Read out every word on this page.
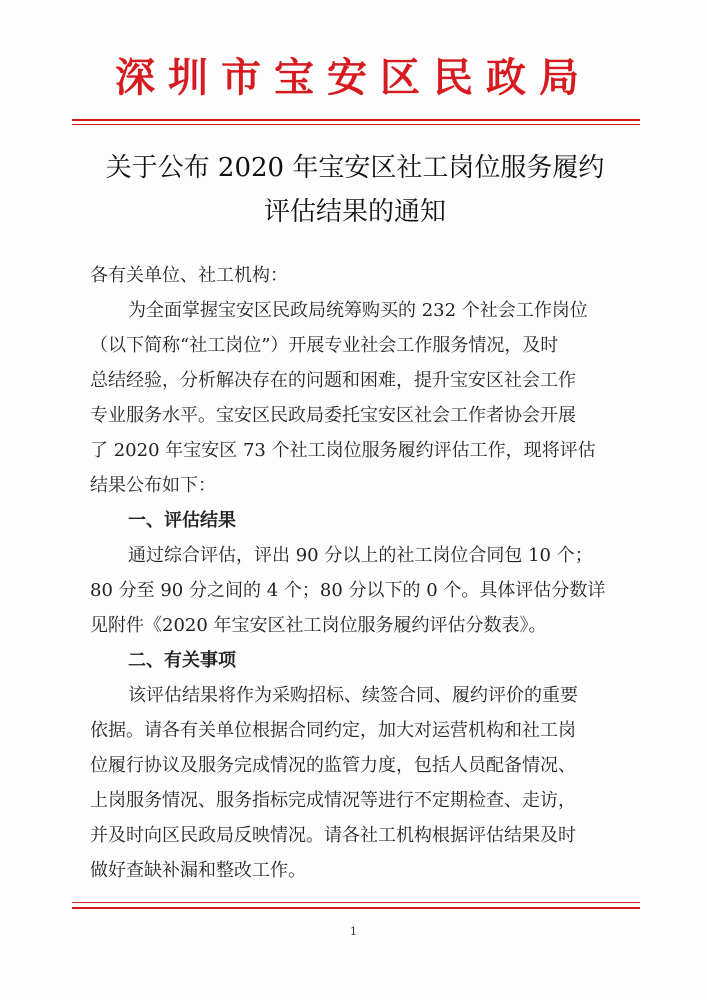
深圳市宝安区民政局
关于公布 2020 年宝安区社工岗位服务履约
评估结果的通知
各有关单位、社工机构：
为全面掌握宝安区民政局统筹购买的 232 个社会工作岗位
（以下简称“社工岗位”）开展专业社会工作服务情况，及时
总结经验，分析解决存在的问题和困难，提升宝安区社会工作
专业服务水平。宝安区民政局委托宝安区社会工作者协会开展
了 2020 年宝安区 73 个社工岗位服务履约评估工作，现将评估
结果公布如下：
一、评估结果
通过综合评估，评出 90 分以上的社工岗位合同包 10 个；
80 分至 90 分之间的 4 个；80 分以下的 0 个。具体评估分数详
见附件《2020 年宝安区社工岗位服务履约评估分数表》。
二、有关事项
该评估结果将作为采购招标、续签合同、履约评价的重要
依据。请各有关单位根据合同约定，加大对运营机构和社工岗
位履行协议及服务完成情况的监管力度，包括人员配备情况、
上岗服务情况、服务指标完成情况等进行不定期检查、走访，
并及时向区民政局反映情况。请各社工机构根据评估结果及时
做好查缺补漏和整改工作。
1
